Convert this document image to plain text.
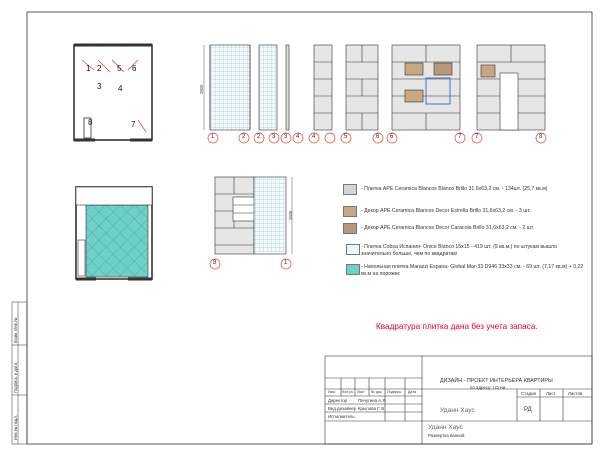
1 2 5 6
3 4
8	7
1	2 2 3 3 4 4	5	6 6	7 7	8
8	1
2600
2600
- Плитка APE Ceramica Blancos Blanco Brillo 31,6х63,2 см. - 134шт. (25,7 кв.м)
- Декор APE Ceramica Blancos Decor Estrella Brillo 31,6х63,2 см. - 3 шт.
- Декор APE Ceramica Blancos Decor Caracola Brillo 31,6х63,2 см. - 2 шт.
- Плитка Cobsa Испания- Onice Blanco 15х15 - 419 шт. (9 кв.м.) по штукам вышло значительно больше, чем по квадратам
- Напольная плитка Marazzi Espana- Global Mar-33 D946 33х33 см. - 69 шт. (7,17 кв.м) + 0,22 кв.м на порожек
Квадратура плитка дана без учета запаса.
ДИЗАЙН - ПРОЕКТ ИНТЕРЬЕРА КВАРТИРЫ
по адресу: г.Сочи
Уданн Хаус
Уданн Хаус
Развертка ванной
Стадия Лист	Листов
РД
Изм. Кол.уч. Лист № док. Подпись Дата
Директор Пичугина А.Я.
Вед.дизайнер Крылова Г. Б.
Исполнитель
Взам. Инв.№
Подпись и дата
Инв.№ подл.
